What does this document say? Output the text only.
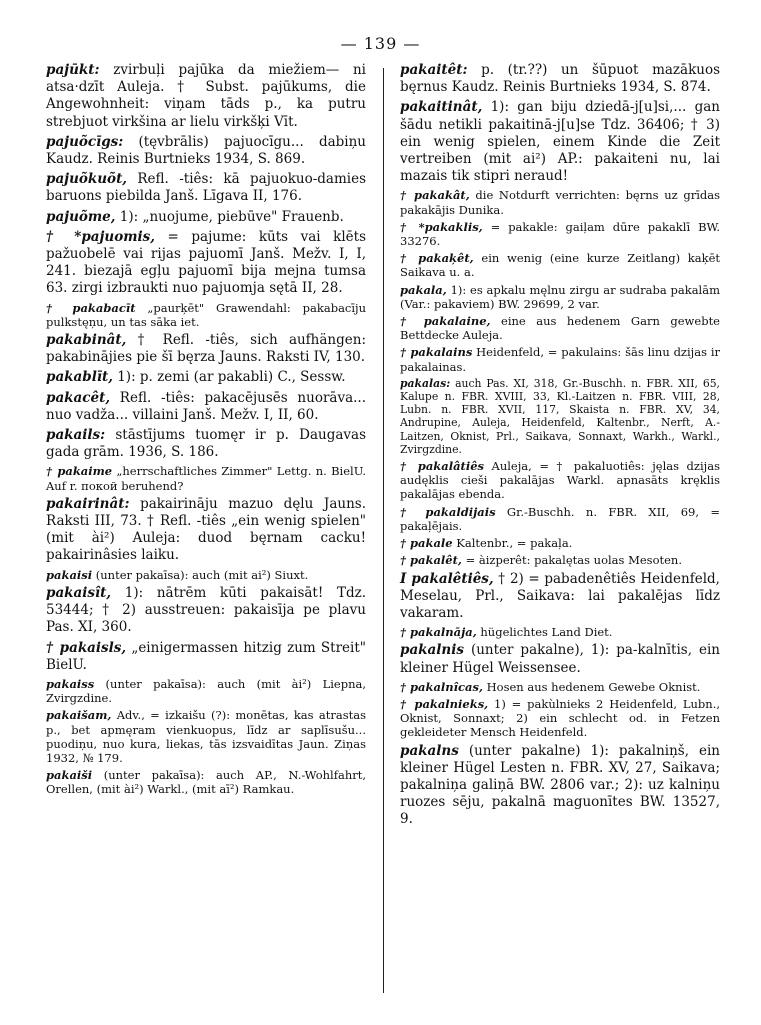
— 139 —

pajūkt: zvirbuļi pajūka da miežiem— ni atsa·dzīt Auleja. † Subst. pajūkums, die Angewohnheit: viņam tāds p., ka putru strebjuot virkšina ar lielu virkšķi Vīt.

pajuõcīgs: (tęvbrālis) pajuocīgu... dabiņu Kaudz. Reinis Burtnieks 1934, S. 869.

pajuõkuõt, Refl. -tiês: kā pajuokuo-damies baruons piebilda Janš. Līgava II, 176.

pajuõme, 1): „nuojume, piebūve" Frauenb.

† *pajuomis, = pajume: kūts vai klēts pažuobelē vai rijas pajuomī Janš. Mežv. I, I, 241. biezajā egļu pajuomī bija mejna tumsa 63. zirgi izbraukti nuo pajuomja sętā II, 28.

† pakabacīt „paurķēt" Grawendahl: pakabacīju pulkstęņu, un tas sāka iet.

pakabinât, † Refl. -tiês, sich aufhängen: pakabinājies pie šī bęrza Jauns. Raksti IV, 130.

pakablīt, 1): p. zemi (ar pakabli) C., Sessw.

pakacêt, Refl. -tiês: pakacējusēs nuorāva... nuo vadža... villaini Janš. Mežv. I, II, 60.

pakails: stāstījums tuomęr ir p. Daugavas gada grām. 1936, S. 186.

† pakaime „herrschaftliches Zimmer" Lettg. n. BielU. Auf r. покой beruhend?

pakairinât: pakairināju mazuo dęlu Jauns. Raksti III, 73. † Refl. -tiês „ein wenig spielen" (mit ài²) Auleja: duod bęrnam cacku! pakairinâsies laiku.

pakaisi (unter pakaīsa): auch (mit ai²) Siuxt.

pakaisît, 1): nātrēm kūti pakaisāt! Tdz. 53444; † 2) ausstreuen: pakaisīja pe plavu Pas. XI, 360.

† pakaisls, „einigermassen hitzig zum Streit" BielU.

pakaiss (unter pakaīsa): auch (mit ài²) Liepna, Zvirgzdine.

pakaišam, Adv., = izkaišu (?): monētas, kas atrastas p., bet apmęram vienkuopus, līdz ar saplīsušu... puodiņu, nuo kura, liekas, tās izsvaidītas Jaun. Ziņas 1932, № 179.

pakaiši (unter pakaīsa): auch AP., N.-Wohlfahrt, Orellen, (mit ài²) Warkl., (mit aī²) Ramkau.

pakaitêt: p. (tr.??) un šūpuot mazākuos bęrnus Kaudz. Reinis Burtnieks 1934, S. 874.

pakaitinât, 1): gan biju dziedā-j[u]si,... gan šādu netikli pakaitinā-j[u]se Tdz. 36406; † 3) ein wenig spielen, einem Kinde die Zeit vertreiben (mit ai²) AP.: pakaiteni nu, lai mazais tik stipri neraud!

† pakakât, die Notdurft verrichten: bęrns uz grīdas pakakājis Dunika.

† *pakaklis, = pakakle: gaiļam dūre pakaklī BW. 33276.

† pakaķêt, ein wenig (eine kurze Zeitlang) kaķēt Saikava u. a.

pakala, 1): es apkalu męlnu zirgu ar sudraba pakalām (Var.: pakaviem) BW. 29699, 2 var.

† pakalaine, eine aus hedenem Garn gewebte Bettdecke Auleja.

† pakalains Heidenfeld, = pakulains: šās linu dzijas ir pakalainas.

pakalas: auch Pas. XI, 318, Gr.-Buschh. n. FBR. XII, 65, Kalupe n. FBR. XVIII, 33, Kl.-Laitzen n. FBR. VIII, 28, Lubn. n. FBR. XVII, 117, Skaista n. FBR. XV, 34, Andrupine, Auleja, Heidenfeld, Kaltenbr., Nerft, A.-Laitzen, Oknist, Prl., Saikava, Sonnaxt, Warkh., Warkl., Zvirgzdine.

† pakalâtiês Auleja, = † pakaluotiês: jęlas dzijas audęklis cieši pakalājas Warkl. apnasāts kręklis pakalājas ebenda.

† pakaldijais Gr.-Buschh. n. FBR. XII, 69, = pakaļējais.

† pakale Kaltenbr., = pakaļa.

† pakalêt, = àizperêt: pakalętas uolas Mesoten.

I pakalêtiês, † 2) = pabadenêtiês Heidenfeld, Meselau, Prl., Saikava: lai pakalējas līdz vakaram.

† pakalnāja, hügelichtes Land Diet.

pakalnis (unter pakalne), 1): pa-kalnītis, ein kleiner Hügel Weissensee.

† pakalnîcas, Hosen aus hedenem Gewebe Oknist.

† pakalnieks, 1) = pakùlnieks 2 Heidenfeld, Lubn., Oknist, Sonnaxt; 2) ein schlecht od. in Fetzen gekleideter Mensch Heidenfeld.

pakalns (unter pakalne) 1): pakalniņš, ein kleiner Hügel Lesten n. FBR. XV, 27, Saikava; pakalniņa galiņā BW. 2806 var.; 2): uz kalniņu ruozes sēju, pakalnā maguonītes BW. 13527, 9.
